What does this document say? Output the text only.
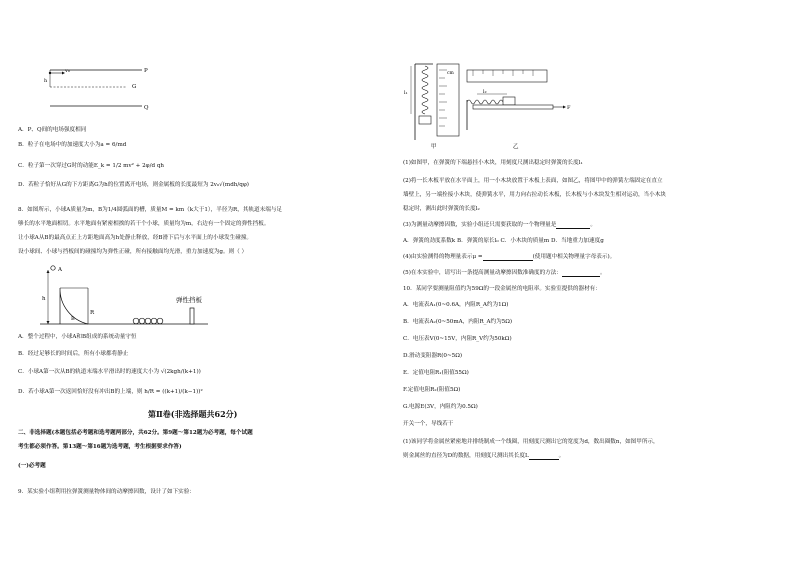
v₀	P
h
G
Q
A．P、Q间的电场强度相同
B．粒子在电场中的加速度大小为a = 6/md
C．粒子第一次穿过G时的动能E_k = 1/2 mv² + 2φ/d qh
D．若粒子恰好从G的下方距离G为h的位置离开电场，则金属板的长度最短为 2v₀√(mdh/qφ)
8．如图所示，小球A质量为m，B为1/4圆弧面的槽，质量M = km（k大于1），半径为R，其轨道末端与足
够长的水平地面相切。水平地面有紧密相挨的若干个小球，质量均为m，右边有一个固定的弹性挡板。
让小球A从B的最高点正上方距地面高为h处静止释放，经B滑下后与水平面上的小球发生碰撞。
设小球间、小球与挡板间的碰撞均为弹性正碰，所有接触面均光滑，重力加速度为g。则（ ）
A
h
R
B
弹性挡板
A．整个过程中，小球A和B组成的系统动量守恒
B．经过足够长的时间后，所有小球都将静止
C．小球A第一次从B的轨道末端水平滑出时的速度大小为 √(2kgh/(k+1))
D．若小球A第一次返回恰好没有冲出B的上端，则 h/R = ((k+1)/(k−1))²
第Ⅱ卷(非选择题共62分)
二、非选择题(本题包括必考题和选考题两部分，共62分。第9题～第12题为必考题，每个试题
考生都必须作答。第13题～第16题为选考题，考生根据要求作答)
(一)必考题
9．某实验小组利用拉弹簧测量物体间的动摩擦因数，设计了如下实验：
cm
l₁
甲
l₂
F
乙
(1)如图甲，在弹簧的下端悬挂小木块，用刻度尺测出稳定时弹簧的长度l₁
(2)将一长木板平放在水平面上，用一小木块放置于木板上表面，如图乙，将图甲中的弹簧左端固定在直立
墙壁上，另一端拴接小木块，使弹簧水平，用力向右拉动长木板，长木板与小木块发生相对运动，当小木块
稳定时，测出此时弹簧的长度l₂
(3)为测量动摩擦因数，实验小组还只需要获取的一个物理量是	。
A．弹簧的劲度系数k B．弹簧的原长l₀ C．小木块的质量m D．当地重力加速度g
(4)由实验测得的物理量表示μ =	(使用题中相关物理量字母表示)。
(5)在本实验中，请写出一条提高测量动摩擦因数准确度的方法：	。
10．某同学要测量阻值约为59Ω的一段金属丝的电阻率。实验室提供的器材有：
A．电流表A₁(0~0.6A，内阻R_A约为1Ω)
B．电流表A₂(0~50mA，内阻R_A约为5Ω)
C．电压表V(0~15V，内阻R_V约为50kΩ)
D.滑动变阻器R(0~5Ω)
E．定值电阻R₁(阻值55Ω)
F.定值电阻R₂(阻值5Ω)
G.电源E(3V，内阻约为0.5Ω)
开关一个，导线若干
(1)该同学将金属丝紧密地并排绕制成一个线圈，用刻度尺测出它的宽度为d，数出圈数n，如图甲所示，
则金属丝的直径为D的数据，用刻度尺测出其长度L	。
